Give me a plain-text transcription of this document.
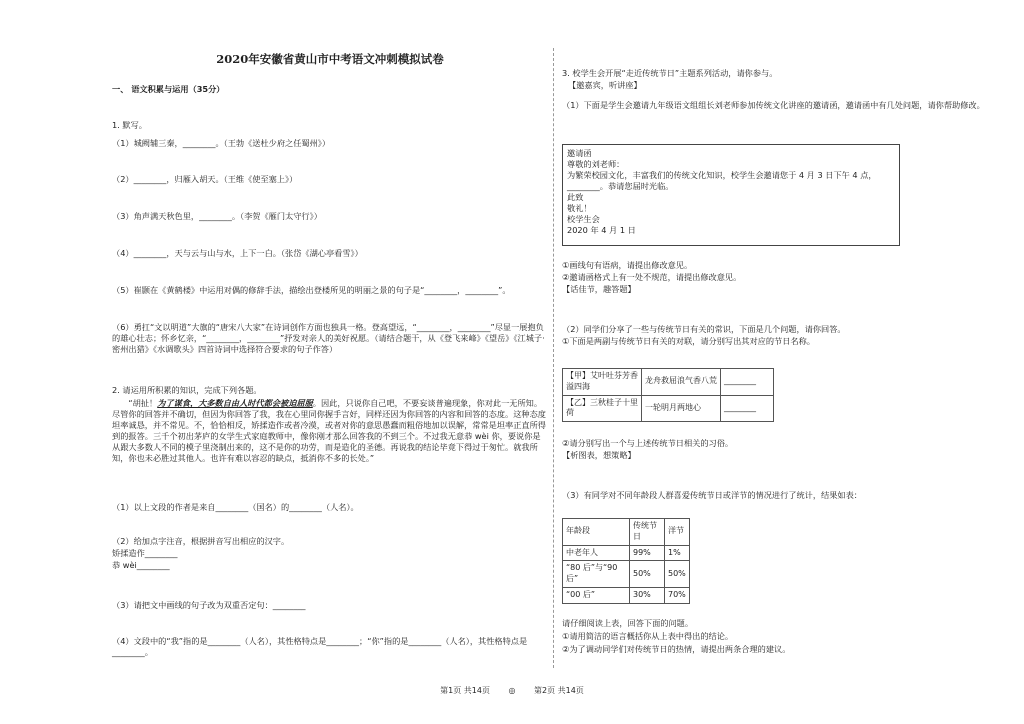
2020年安徽省黄山市中考语文冲刺模拟试卷
一、 语文积累与运用（35分）
1. 默写。
（1）城阙辅三秦，________。（王勃《送杜少府之任蜀州》）
（2）________，归雁入胡天。（王维《使至塞上》）
（3）角声满天秋色里，________。（李贺《雁门太守行》）
（4）________，天与云与山与水，上下一白。（张岱《湖心亭看雪》）
（5）崔颢在《黄鹤楼》中运用对偶的修辞手法，描绘出登楼所见的明丽之景的句子是“________，________”。
（6）勇扛“文以明道”大旗的“唐宋八大家”在诗词创作方面也独具一格。登高望远，“________，________”尽显一展抱负的雄心壮志；怀乡忆亲，“________，________”抒发对亲人的美好祝愿。（请结合题干，从《登飞来峰》《望岳》《江城子·密州出猎》《水调歌头》四首诗词中选择符合要求的句子作答）
2. 请运用所积累的知识，完成下列各题。

“胡扯！为了谋食，大多数自由人时代都会被迫屈服。因此，只说你自己吧，不要妄谈普遍现象，你对此一无所知。尽管你的回答并不确切，但因为你回答了我，我在心里同你握手言好，同样还因为你回答的内容和回答的态度。这种态度坦率诚恳，并不常见。不，恰恰相反，矫揉造作或者冷漠，或者对你的意思愚蠢而粗俗地加以误解，常常是坦率正直所得到的报答。三千个初出茅庐的女学生式家庭教师中，像你刚才那么回答我的不到三个。不过我无意恭 wèi 你，要说你是从跟大多数人不同的模子里浇制出来的，这不是你的功劳，而是造化的圣德。再说我的结论毕竟下得过于匆忙。就我所知，你也未必胜过其他人。也许有难以容忍的缺点，抵消你不多的长处。”

（1）以上文段的作者是来自________（国名）的________（人名）。
（2）给加点字注音，根据拼音写出相应的汉字。
矫揉造作________
恭 wèi________
（3）请把文中画线的句子改为双重否定句：________
（4）文段中的“我”指的是________（人名），其性格特点是________；“你”指的是________（人名），其性格特点是________。
3. 校学生会开展“走近传统节日”主题系列活动，请你参与。
【邀嘉宾，听讲座】
（1）下面是学生会邀请九年级语文组组长刘老师参加传统文化讲座的邀请函，邀请函中有几处问题，请你帮助修改。
邀请函
尊敬的刘老师：
为繁荣校园文化，丰富我们的传统文化知识，校学生会邀请您于 4 月 3 日下午 4 点，________。恭请您届时光临。
此致
敬礼！
校学生会
2020 年 4 月 1 日
①画线句有语病，请提出修改意见。
②邀请函格式上有一处不规范，请提出修改意见。
【话佳节，趣答题】
（2）同学们分享了一些与传统节日有关的常识，下面是几个问题，请你回答。
①下面是两副与传统节日有关的对联，请分别写出其对应的节日名称。
【甲】艾叶吐芬芳香溢四海	龙舟救屈浪气香八荒	________
【乙】三秋桂子十里荷	一轮明月两地心	________
②请分别写出一个与上述传统节日相关的习俗。
【析图表，想策略】
（3）有同学对不同年龄段人群喜爱传统节日或洋节的情况进行了统计，结果如表：
年龄段	传统节日	洋节
中老年人	99%	1%
“80 后”与“90 后”	50%	50%
“00 后”	30%	70%
请仔细阅读上表，回答下面的问题。
①请用简洁的语言概括你从上表中得出的结论。
②为了调动同学们对传统节日的热情，请提出两条合理的建议。
第1页 共14页 ◎ 第2页 共14页
